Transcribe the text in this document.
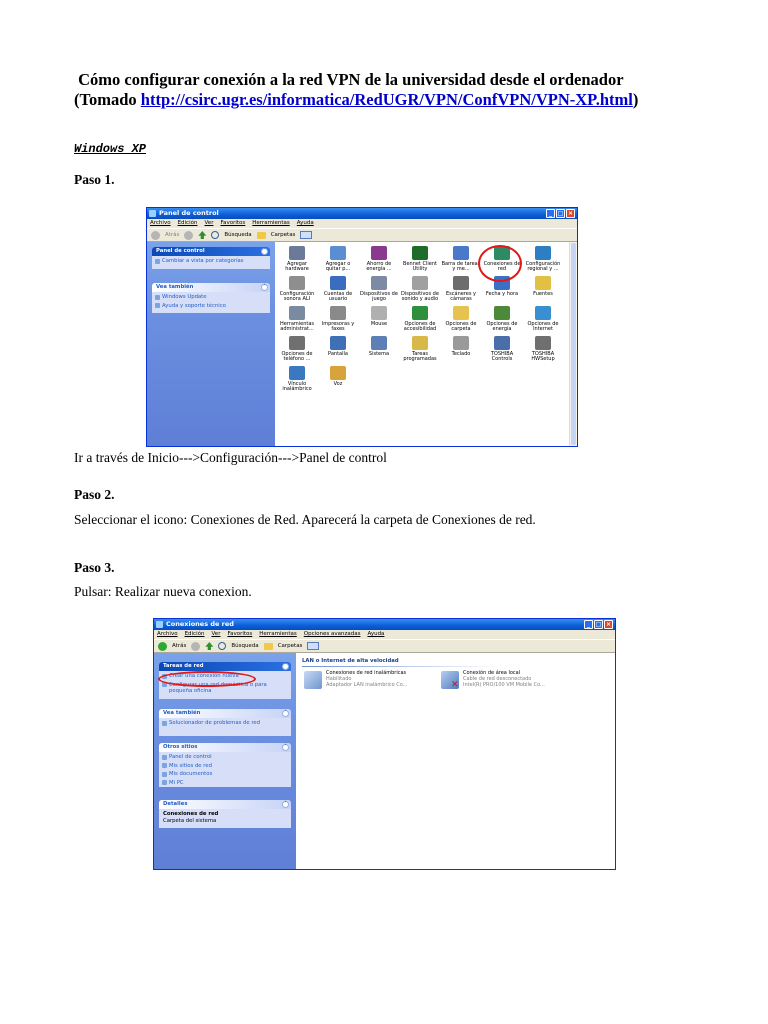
Cómo configurar conexión a la red VPN de la universidad desde el ordenador
(Tomado http://csirc.ugr.es/informatica/RedUGR/VPN/ConfVPN/VPN-XP.html)
Windows XP
Paso 1.
Panel de control	_ □ ×
Archivo Edición Ver Favoritos Herramientas Ayuda
Atrás	Búsqueda	Carpetas
Panel de control	˄
Cambiar a vista por categorías
Vea también	˄
Windows Update
Ayuda y soporte técnico
Agregar hardware
Agregar o quitar p...
Ahorro de energía ...
Bennet Client Utility
Barra de tareas y me...
Conexiones de red
Configuración regional y ...
Configuración sonora ALI
Cuentas de usuario
Dispositivos de juego
Dispositivos de sonido y audio
Escáneres y cámaras
Fecha y hora	Fuentes
Herramientas administrat...
Impresoras y faxes
Mouse	Opciones de accesibilidad
Opciones de carpeta
Opciones de energía
Opciones de Internet
Opciones de teléfono ...
Pantalla	Sistema	Tareas programadas
Teclado	TOSHIBA Controls
TOSHIBA HWSetup
Vínculo inalámbrico
Voz
Ir a través de Inicio--->Configuración--->Panel de control
Paso 2.
Seleccionar el icono: Conexiones de Red. Aparecerá la carpeta de Conexiones de red.
Paso 3.
Pulsar: Realizar nueva conexion.
Conexiones de red	_ □ ×
Archivo Edición Ver Favoritos Herramientas Opciones avanzadas Ayuda
Atrás	Búsqueda	Carpetas
Tareas de red	˄
Crear una conexión nueva
Configurar una red doméstica o para pequeña oficina
Vea también	˄
Solucionador de problemas de red
Otros sitios	˄
Panel de control
Mis sitios de red
Mis documentos
Mi PC
Detalles	˄
Conexiones de red
Carpeta del sistema
LAN o Internet de alta velocidad
Conexiones de red inalámbricas
Habilitado
Adaptador LAN inalámbrico Co...	✕
Conexión de área local
Cable de red desconectado
Intel(R) PRO/100 VM Mobile Co...
